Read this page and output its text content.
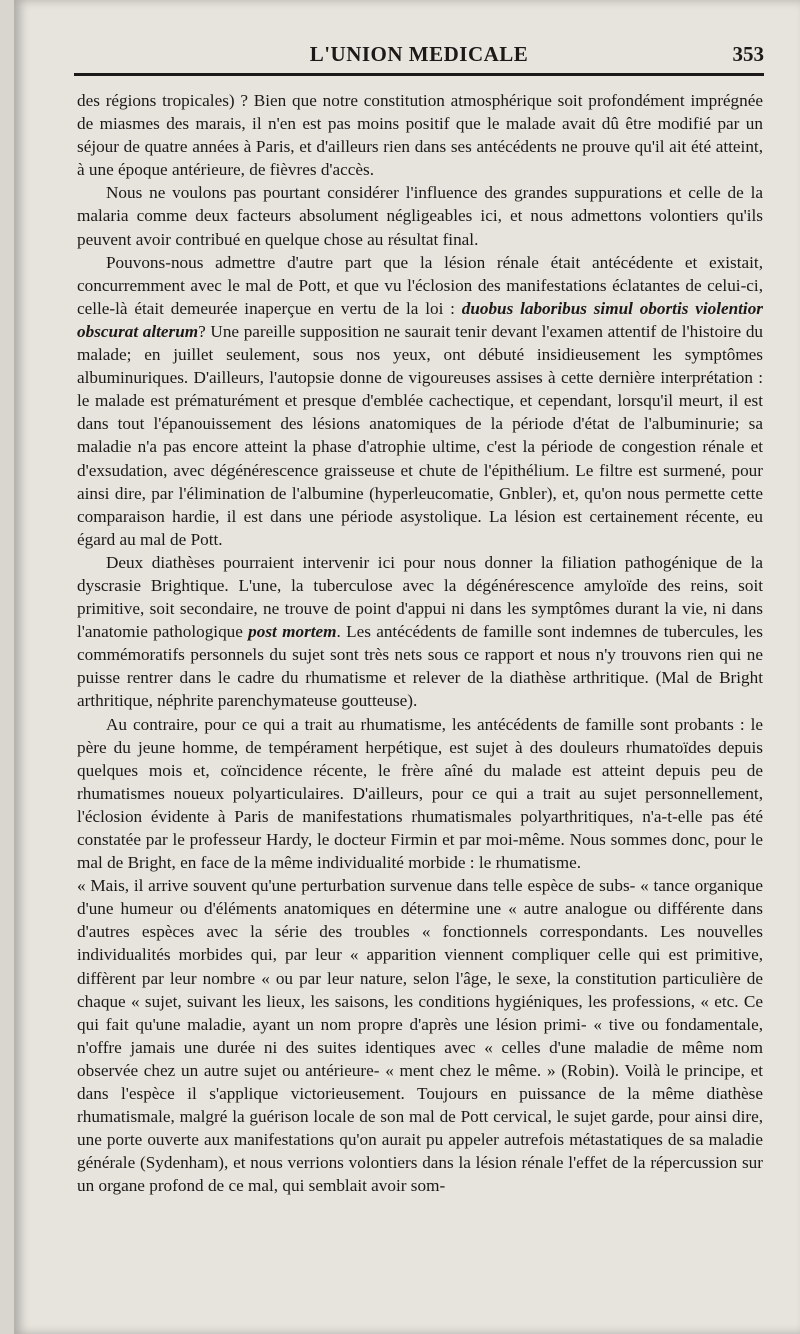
L'UNION MEDICALE	353

des régions tropicales) ? Bien que notre constitution atmosphérique soit profondément imprégnée de miasmes des marais, il n'en est pas moins positif que le malade avait dû être modifié par un séjour de quatre années à Paris, et d'ailleurs rien dans ses antécédents ne prouve qu'il ait été atteint, à une époque antérieure, de fièvres d'accès.

Nous ne voulons pas pourtant considérer l'influence des grandes suppurations et celle de la malaria comme deux facteurs absolument négligeables ici, et nous admettons volontiers qu'ils peuvent avoir contribué en quelque chose au résultat final.

Pouvons-nous admettre d'autre part que la lésion rénale était antécédente et existait, concurremment avec le mal de Pott, et que vu l'éclosion des manifestations éclatantes de celui-ci, celle-là était demeurée inaperçue en vertu de la loi : duobus laboribus simul obortis violentior obscurat alterum? Une pareille supposition ne saurait tenir devant l'examen attentif de l'histoire du malade; en juillet seulement, sous nos yeux, ont débuté insidieusement les symptômes albuminuriques. D'ailleurs, l'autopsie donne de vigoureuses assises à cette dernière interprétation : le malade est prématurément et presque d'emblée cachectique, et cependant, lorsqu'il meurt, il est dans tout l'épanouissement des lésions anatomiques de la période d'état de l'albuminurie; sa maladie n'a pas encore atteint la phase d'atrophie ultime, c'est la période de congestion rénale et d'exsudation, avec dégénérescence graisseuse et chute de l'épithélium. Le filtre est surmené, pour ainsi dire, par l'élimination de l'albumine (hyperleucomatie, Gnbler), et, qu'on nous permette cette comparaison hardie, il est dans une période asystolique. La lésion est certainement récente, eu égard au mal de Pott.

Deux diathèses pourraient intervenir ici pour nous donner la filiation pathogénique de la dyscrasie Brightique. L'une, la tuberculose avec la dégénérescence amyloïde des reins, soit primitive, soit secondaire, ne trouve de point d'appui ni dans les symptômes durant la vie, ni dans l'anatomie pathologique post mortem. Les antécédents de famille sont indemnes de tubercules, les commémoratifs personnels du sujet sont très nets sous ce rapport et nous n'y trouvons rien qui ne puisse rentrer dans le cadre du rhumatisme et relever de la diathèse arthritique. (Mal de Bright arthritique, néphrite parenchymateuse goutteuse).

Au contraire, pour ce qui a trait au rhumatisme, les antécédents de famille sont probants : le père du jeune homme, de tempérament herpétique, est sujet à des douleurs rhumatoïdes depuis quelques mois et, coïncidence récente, le frère aîné du malade est atteint depuis peu de rhumatismes noueux polyarticulaires. D'ailleurs, pour ce qui a trait au sujet personnellement, l'éclosion évidente à Paris de manifestations rhumatismales polyarthritiques, n'a-t-elle pas été constatée par le professeur Hardy, le docteur Firmin et par moi-même. Nous sommes donc, pour le mal de Bright, en face de la même individualité morbide : le rhumatisme.

« Mais, il arrive souvent qu'une perturbation survenue dans telle espèce de subs- « tance organique d'une humeur ou d'éléments anatomiques en détermine une « autre analogue ou différente dans d'autres espèces avec la série des troubles « fonctionnels correspondants. Les nouvelles individualités morbides qui, par leur « apparition viennent compliquer celle qui est primitive, diffèrent par leur nombre « ou par leur nature, selon l'âge, le sexe, la constitution particulière de chaque « sujet, suivant les lieux, les saisons, les conditions hygiéniques, les professions, « etc. Ce qui fait qu'une maladie, ayant un nom propre d'après une lésion primi- « tive ou fondamentale, n'offre jamais une durée ni des suites identiques avec « celles d'une maladie de même nom observée chez un autre sujet ou antérieure- « ment chez le même. » (Robin). Voilà le principe, et dans l'espèce il s'applique victorieusement. Toujours en puissance de la même diathèse rhumatismale, malgré la guérison locale de son mal de Pott cervical, le sujet garde, pour ainsi dire, une porte ouverte aux manifestations qu'on aurait pu appeler autrefois métastatiques de sa maladie générale (Sydenham), et nous verrions volontiers dans la lésion rénale l'effet de la répercussion sur un organe profond de ce mal, qui semblait avoir som-
